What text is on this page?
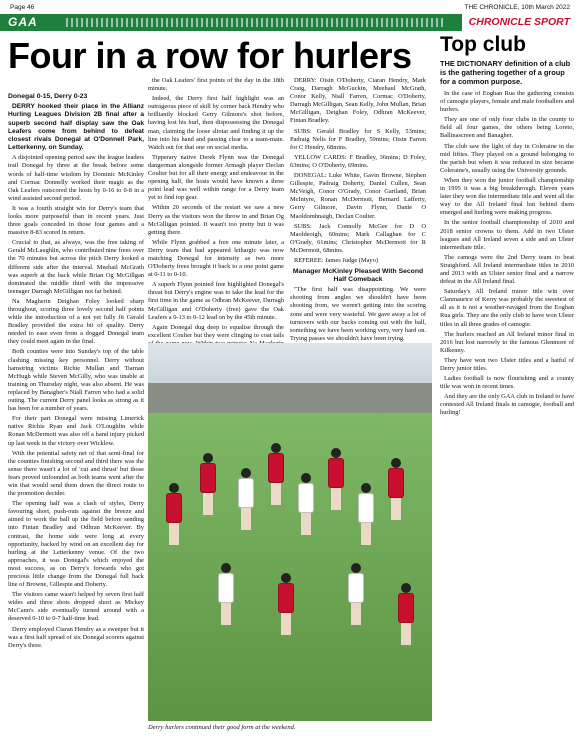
Page 46	THE CHRONICLE, 10th March 2022
GAA	CHRONICLE SPORT
Four in a row for hurlers
Donegal 0-15, Derry 0-23

DERRY hooked their place in the Allianz Hurling Leagues Division 2B final after a superb second half display saw the Oak Leafers come from behind to defeat closest rivals Donegal at O'Donnell Park, Letterkenny, on Sunday.

A disjointed opening period saw the league leaders trail Donegal by three at the break before some words of half-time wisdom by Dominic McKinley and Cormac Donnelly worked their magic as the Oak Leafers outscored the hosts by 0-16 to 0-8 in a wind assisted second period.

It was a fourth straight win for Derry's team that looks more purposeful than in recent years. Just three goals conceded in those four games and a massive 8-83 scored in return.

Crucial to that, as always, was the free taking of Gerald McLaughlin, who contributed nine frees over the 70 minutes but across the pitch Derry looked a different side after the interval. Meehail McGrath was superb at the back while Brian Og McGillgan dominated the middle third with the impressive teenager Darragh McGilligan not far behind.

Na Magherin Deighan Foley looked sharp throughout, scoring three lovely second half points while the introduction of a not yet fully fit Gerald Bradley provided the extra bit of quality. Derry needed to ease even from a dogged Donegal team they could meet again in the final.

Both counties were into Sunday's top of the table clashing missing key personnel. Derry without hamstring victims Richie Mullan and Tiarnan McHugh while Steven McGilly, who was unable at training on Thursday night, was also absent. He was replaced by Banagher's Niall Farren who had a solid outing. The current Derry panel looks as strong as it has been for a number of years.

For their part Donegal were missing Limerick native Richie Ryan and Jack O'Loughlin while Ronan McDermott was also off a hand injury picked up last week in the victory over Wicklow.

With the potential safety net of that semi-final for the counties finishing second and third there was the sense there wasn't a lot of 'cut and thrust' but those fears proved unfounded as both teams went after the win that would send them down the direct route to the promotion decider.

The opening half was a clash of styles, Derry favouring short, push-outs against the breeze and aimed to work the ball up the field before sending into Fintan Bradley and Odhran McKeever. By contrast, the home side were long at every opportunity, backed by wind on an excellent day for hurling at the Letterkenny venue. Of the two approaches, it was Donegal's which enjoyed the most success, as on Derry's forwards who got precious little change from the Donegal full back line of Browne, Gillespie and Doherty.

The visitors came wasn't helped by seven first half wides and three shots dropped short as Mickey McCann's side eventually turned around with a deserved 0-10 to 0-7 half-time lead.

Derry employed Ciaran Hendry as a sweeper but it was a first half spread of six Donegal scorers against Derry's three.

the Oak Leafers' first points of the day in the 18th minute.

Indeed, the Derry first half highlight was an outrageous piece of skill by corner back Hendry who brilliantly blocked Gerry Gilmore's shot before, having lost his hurl, then dispossessing the Donegal man, claiming the loose sliotar and finding it up the line into his hand and passing clear to a team-mate. Watch out for that one on social media.

Tipperary native Derek Flynn was the Donegal dangerman alongside former Armagh player Declan Coulter but for all their energy and endeavour in the opening half, the hosts would have known a three point lead was well within range for a Derry team yet to find top gear.

Within 20 seconds of the restart we saw a new Derry as the visitors won the throw in and Brian Og McGilligan pointed. It wasn't too pretty but it was getting there.

While Flynn grabbed a free one minute later, a Derry team that had appeared lethargic was now matching Donegal for intensity as two more O'Doherty frees brought it back to a one point game at 0-11 to 0-10.

A superb Flynn pointed free highlighted Donegal's threat but Derry's engine was to take the lead for the first time in the game as Odhran McKeever, Darragh McGilligan and O'Doherty (free) gave the Oak Leafers a 0-13 to 0-12 lead on by the 45th minute.

Again Donegal dug deep to equalise through the excellent Coulter but they were clinging to coat tails

DERRY: Oisin O'Doherty, Ciaran Hendry, Mark Craig, Darragh McGuckin, Meehaul McGrath, Conor Kelly, Niall Farren, Cormac O'Doherty, Darragh McGilligan, Sean Kelly, John Mullan, Brian McGilligan, Deighan Foley, Odhran McKeever, Fintan Bradley.

SUBS: Gerald Bradley for S Kelly, 53mins; Padraig Nelis for F Bradley, 59mins; Oisin Farren for C Hendry, 68mins.

YELLOW CARDS: F Bradley, 36mins; D Foley, 63mins; O O'Doherty, 69mins.

DONEGAL: Luke White, Gavin Browne, Stephen Gillespie, Padraig Doherty, Daniel Cullen, Sean McVeigh, Conor O'Grady, Conor Gartland, Brian McIntyre, Ronan McDermott, Bernard Lafferty, Gerry Gilmore, Davin Flynn, Danie O Maoldomhnaigh, Declan Coulter.

SUBS: Jack Connolly McGee for D O Maoldeoigh, 60mins; Mark Callaghan for C O'Grady, 61mins; Christopher McDermott for R McDermott, 68mins.

REFEREE: James Judge (Mayo)

Manager McKinley Pleased With Second Half Comeback

"The first half was disappointing. We were shooting from angles we shouldn't have been shooting from, we weren't getting into the scoring zone and were very wasteful. We gave away a lot of turnovers with our backs coming out with the ball, something we have been working very, very hard on. Trying passes we shouldn't have been trying.

Derry hurlers continued their good form at the weekend.
Top club
THE DICTIONARY definition of a club is the gathering together of a group for a common purpose.

In the case of Eoghan Rua the gathering consists of camogie players, female and male footballers and hurlers.

They are one of only four clubs in the county to field all four games, the others being Loreto, Ballinascreen and Banagher.

The club saw the light of day in Coleraine in the mid fifties. They played on a ground belonging to the parish but when it was reduced in size became Coleraine's, usually using the University grounds.

When they won the junior football championship in 1995 it was a big breakthrough. Eleven years later they won the intermediate title and went all the way to the All Ireland final but behind them emerged and hurling were making progress.

In the senior football championship of 2010 and 2018 senior crowns to them. Add in two Ulster leagues and All Ireland seven a side and an Ulster intermediate title.

The camogs were the 2nd Derry team to beat Straighford. All Ireland intermediate titles in 2010 and 2013 with an Ulster senior final and a narrow defeat in the All Ireland final.

Saturday's All Ireland minor title win over Clanmaurice of Kerry was probably the sweetest of all as it is not a weather-ravaged from the Eoghan Rua girls. They are the only club to have won Ulster titles in all three grades of camogie.

The hurlers reached an All Ireland minor final in 2016 but lost narrowly to the famous Glenmore of Kilkenny.

They have won two Ulster titles and a hatful of Derry junior titles.

Ladies football is now flourishing and a county title was won in recent times.

And they are the only GAA club in Ireland to have contested All Ireland finals in camogie, football and hurling!
